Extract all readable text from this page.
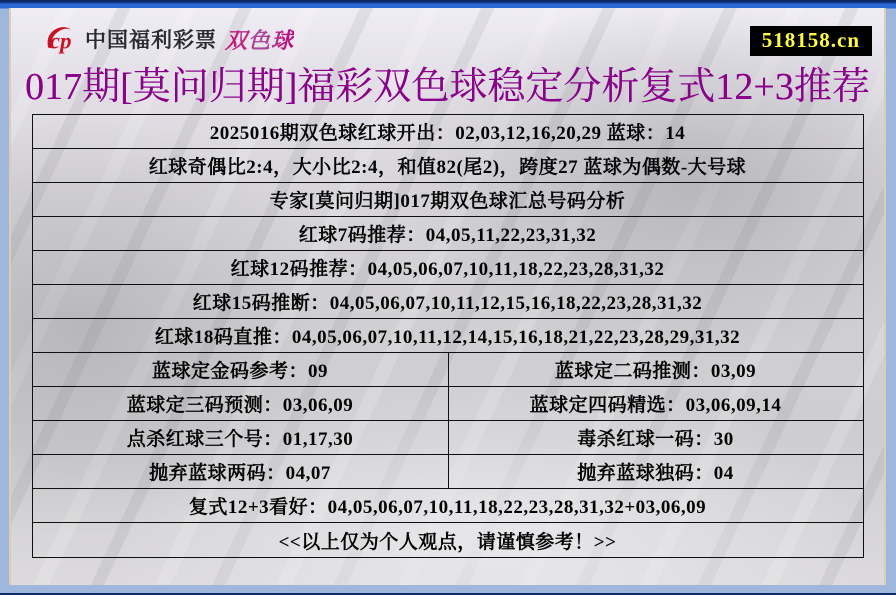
cp 中国福利彩票 双色球	518158.cn
017期[莫问归期]福彩双色球稳定分析复式12+3推荐
2025016期双色球红球开出：02,03,12,16,20,29 蓝球：14
红球奇偶比2:4，大小比2:4，和值82(尾2)，跨度27 蓝球为偶数-大号球
专家[莫问归期]017期双色球汇总号码分析
红球7码推荐：04,05,11,22,23,31,32
红球12码推荐：04,05,06,07,10,11,18,22,23,28,31,32
红球15码推断：04,05,06,07,10,11,12,15,16,18,22,23,28,31,32
红球18码直推：04,05,06,07,10,11,12,14,15,16,18,21,22,23,28,29,31,32
蓝球定金码参考：09	蓝球定二码推测：03,09
蓝球定三码预测：03,06,09	蓝球定四码精选：03,06,09,14
点杀红球三个号：01,17,30	毒杀红球一码：30
抛弃蓝球两码：04,07	抛弃蓝球独码：04
复式12+3看好：04,05,06,07,10,11,18,22,23,28,31,32+03,06,09
<<以上仅为个人观点，请谨慎参考！>>
